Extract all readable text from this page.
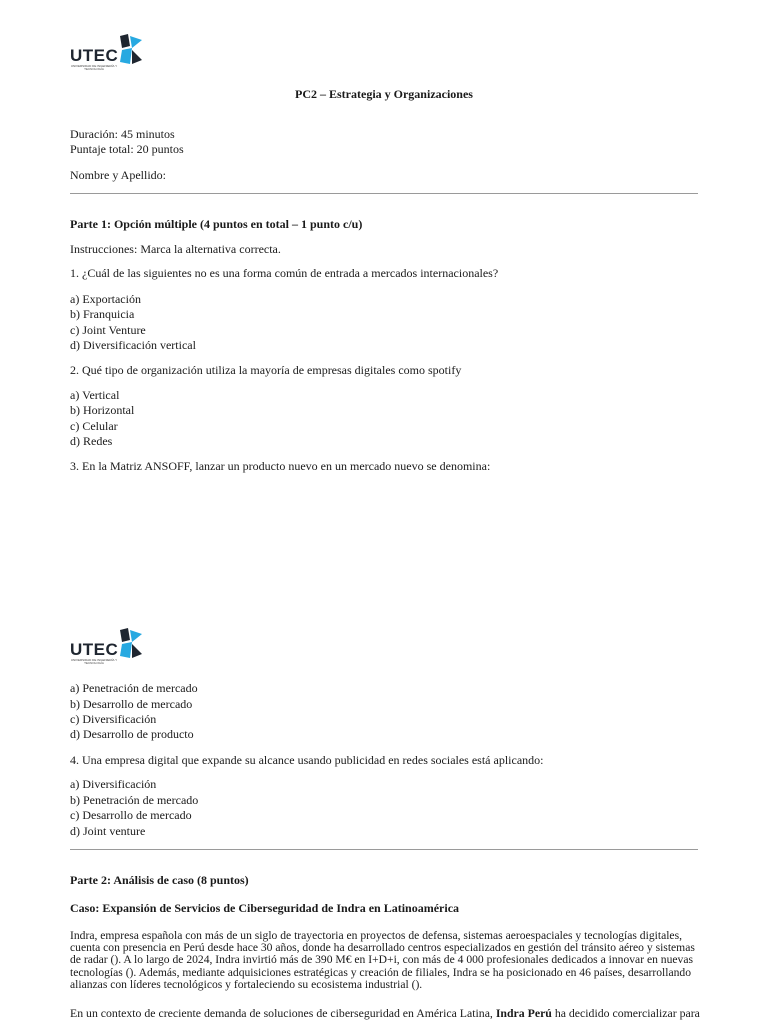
UTEC
UNIVERSIDAD DE INGENIERÍA Y TECNOLOGÍA
PC2 – Estrategia y Organizaciones
Duración: 45 minutos
Puntaje total: 20 puntos
Nombre y Apellido:
Parte 1: Opción múltiple (4 puntos en total – 1 punto c/u)
Instrucciones: Marca la alternativa correcta.
1. ¿Cuál de las siguientes no es una forma común de entrada a mercados internacionales?
a) Exportación
b) Franquicia
c) Joint Venture
d) Diversificación vertical
2. Qué tipo de organización utiliza la mayoría de empresas digitales como spotify
a) Vertical
b) Horizontal
c) Celular
d) Redes
3. En la Matriz ANSOFF, lanzar un producto nuevo en un mercado nuevo se denomina:
UTEC
UNIVERSIDAD DE INGENIERÍA Y TECNOLOGÍA
a) Penetración de mercado
b) Desarrollo de mercado
c) Diversificación
d) Desarrollo de producto
4. Una empresa digital que expande su alcance usando publicidad en redes sociales está aplicando:
a) Diversificación
b) Penetración de mercado
c) Desarrollo de mercado
d) Joint venture
Parte 2: Análisis de caso (8 puntos)
Caso: Expansión de Servicios de Ciberseguridad de Indra en Latinoamérica
Indra, empresa española con más de un siglo de trayectoria en proyectos de defensa, sistemas aeroespaciales y tecnologías digitales,
cuenta con presencia en Perú desde hace 30 años, donde ha desarrollado centros especializados en gestión del tránsito aéreo y sistemas
de radar (). A lo largo de 2024, Indra invirtió más de 390 M€ en I+D+i, con más de 4 000 profesionales dedicados a innovar en nuevas
tecnologías (). Además, mediante adquisiciones estratégicas y creación de filiales, Indra se ha posicionado en 46 países, desarrollando
alianzas con líderes tecnológicos y fortaleciendo su ecosistema industrial ().
En un contexto de creciente demanda de soluciones de ciberseguridad en América Latina, Indra Perú ha decidido comercializar para
